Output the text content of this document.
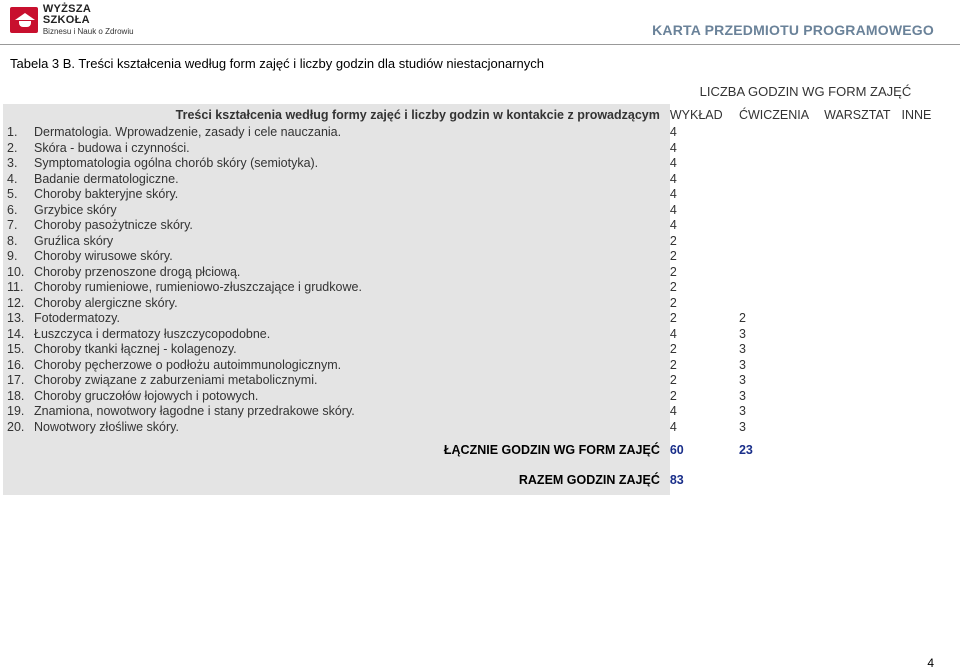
WYŻSZA SZKOŁA
Biznesu i Nauk o Zdrowiu	KARTA PRZEDMIOTU PROGRAMOWEGO
Tabela 3 B. Treści kształcenia według form zajęć i liczby godzin dla studiów niestacjonarnych
	LICZBA GODZIN WG FORM ZAJĘĆ			
Treści kształcenia według formy zajęć i liczby godzin w kontakcie z prowadzącym	WYKŁAD	ĆWICZENIA	WARSZTAT	INNE

1. Dermatologia. Wprowadzenie, zasady i cele nauczania.	4			

2. Skóra - budowa i czynności.	4			

3. Symptomatologia ogólna chorób skóry (semiotyka).	4			

4. Badanie dermatologiczne.	4			

5. Choroby bakteryjne skóry.	4			

6. Grzybice skóry	4			

7. Choroby pasożytnicze skóry.	4			

8. Gruźlica skóry	2			

9. Choroby wirusowe skóry.	2			

10. Choroby przenoszone drogą płciową.	2			

11. Choroby rumieniowe, rumieniowo-złuszczające i grudkowe.	2			

12. Choroby alergiczne skóry.	2			

13. Fotodermatozy.	2	2		

14. Łuszczyca i dermatozy łuszczycopodobne.	4	3		

15. Choroby tkanki łącznej - kolagenozy.	2	3		

16. Choroby pęcherzowe o podłożu autoimmunologicznym.	2	3		

17. Choroby związane z zaburzeniami metabolicznymi.	2	3		

18. Choroby gruczołów łojowych i potowych.	2	3		

19. Znamiona, nowotwory łagodne i stany przedrakowe skóry.	4	3		

20. Nowotwory złośliwe skóry.	4	3		
ŁĄCZNIE GODZIN WG FORM ZAJĘĆ	60	23		
RAZEM GODZIN ZAJĘĆ	83			
4
